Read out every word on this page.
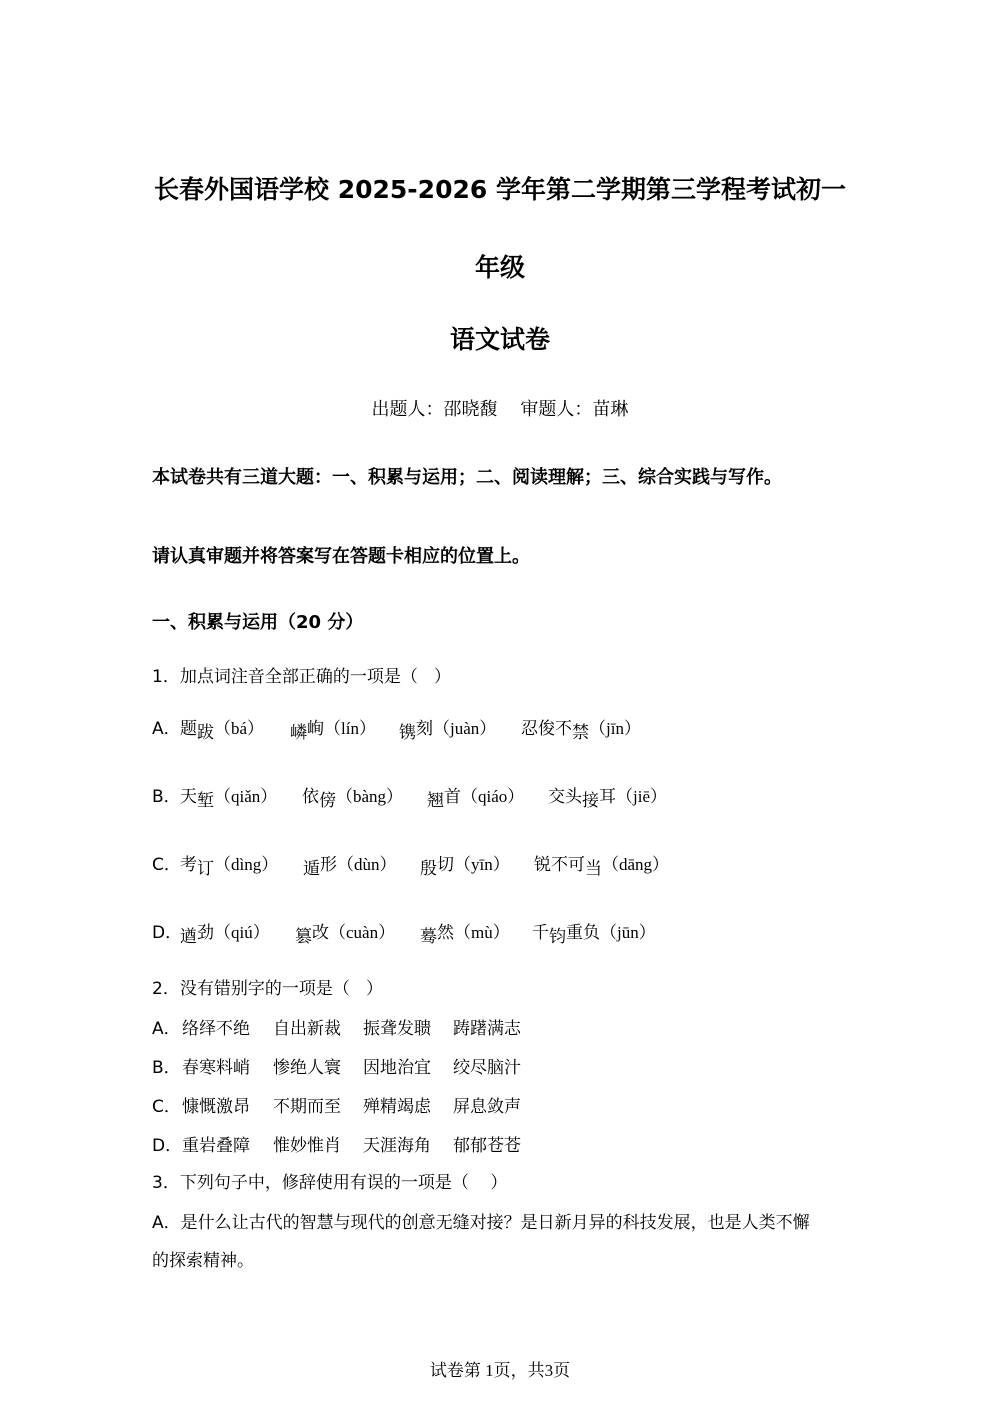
长春外国语学校 2025-2026 学年第二学期第三学程考试初一
年级
语文试卷
出题人：邵晓馥    审题人：苗琳
本试卷共有三道大题：一、积累与运用；二、阅读理解；三、综合实践与写作。
请认真审题并将答案写在答题卡相应的位置上。
一、积累与运用（20 分）
1．加点词注音全部正确的一项是（   ）
A． 题跋（bá） 嶙峋（lín） 镌刻（juàn） 忍俊不禁（jīn）
B． 天堑（qiǎn） 依傍（bàng） 翘首（qiáo） 交头接耳（jiē）
C． 考订（dìng） 遁形（dùn） 殷切（yīn） 锐不可当（dāng）
D．
遒劲（qiú） 篡改（cuàn） 蓦然（mù） 千钧重负（jūn）
2．没有错别字的一项是（   ）
A． 络绎不绝 自出新裁 振聋发聩 踌躇满志
B． 春寒料峭 惨绝人寰 因地治宜 绞尽脑汁
C． 慷慨激昂 不期而至 殚精竭虑 屏息敛声
D． 重岩叠障 惟妙惟肖 天涯海角 郁郁苍苍
3．下列句子中，修辞使用有误的一项是（    ）
A．是什么让古代的智慧与现代的创意无缝对接？是日新月异的科技发展，也是人类不懈
的探索精神。
试卷第 1页，共3页
